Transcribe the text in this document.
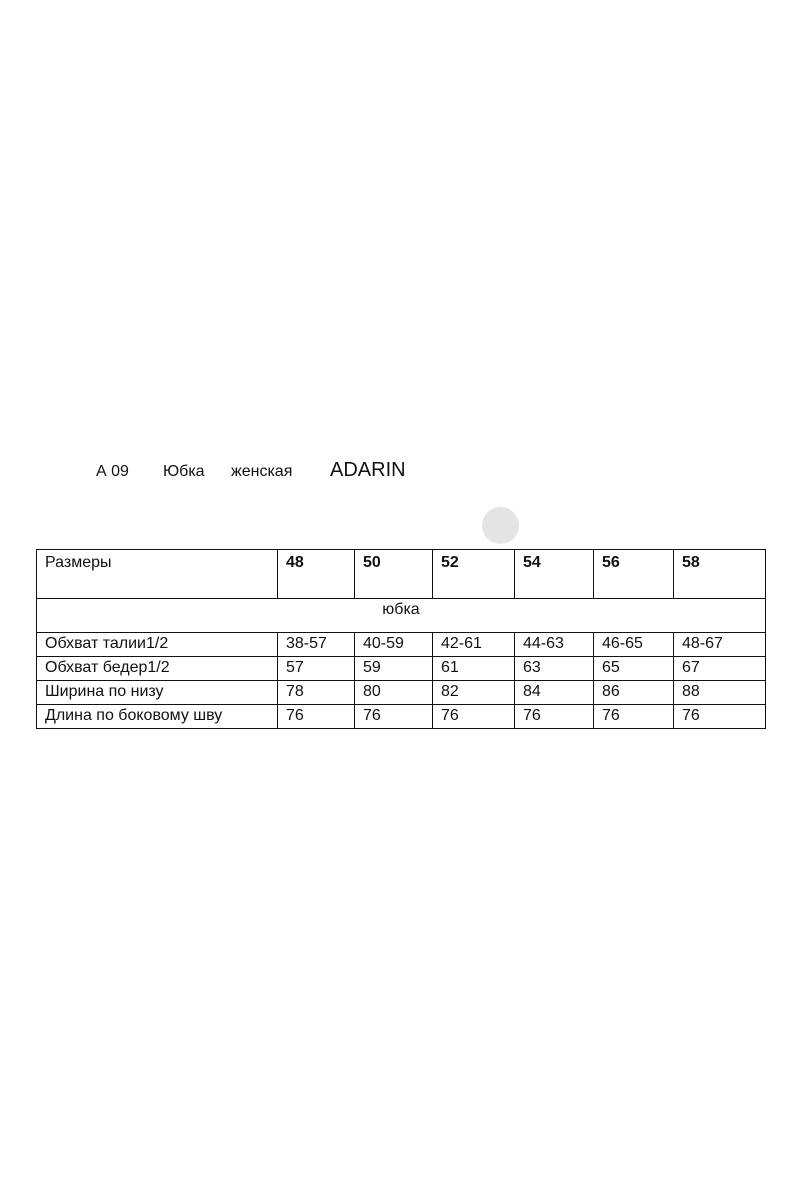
А 09 Юбка женская ADARIN
Размеры	48	50	52	54	56	58
юбка						
Обхват талии1/2	38-57	40-59	42-61	44-63	46-65	48-67
Обхват бедер1/2	57	59	61	63	65	67
Ширина по низу	78	80	82	84	86	88
Длина по боковому шву	76	76	76	76	76	76
